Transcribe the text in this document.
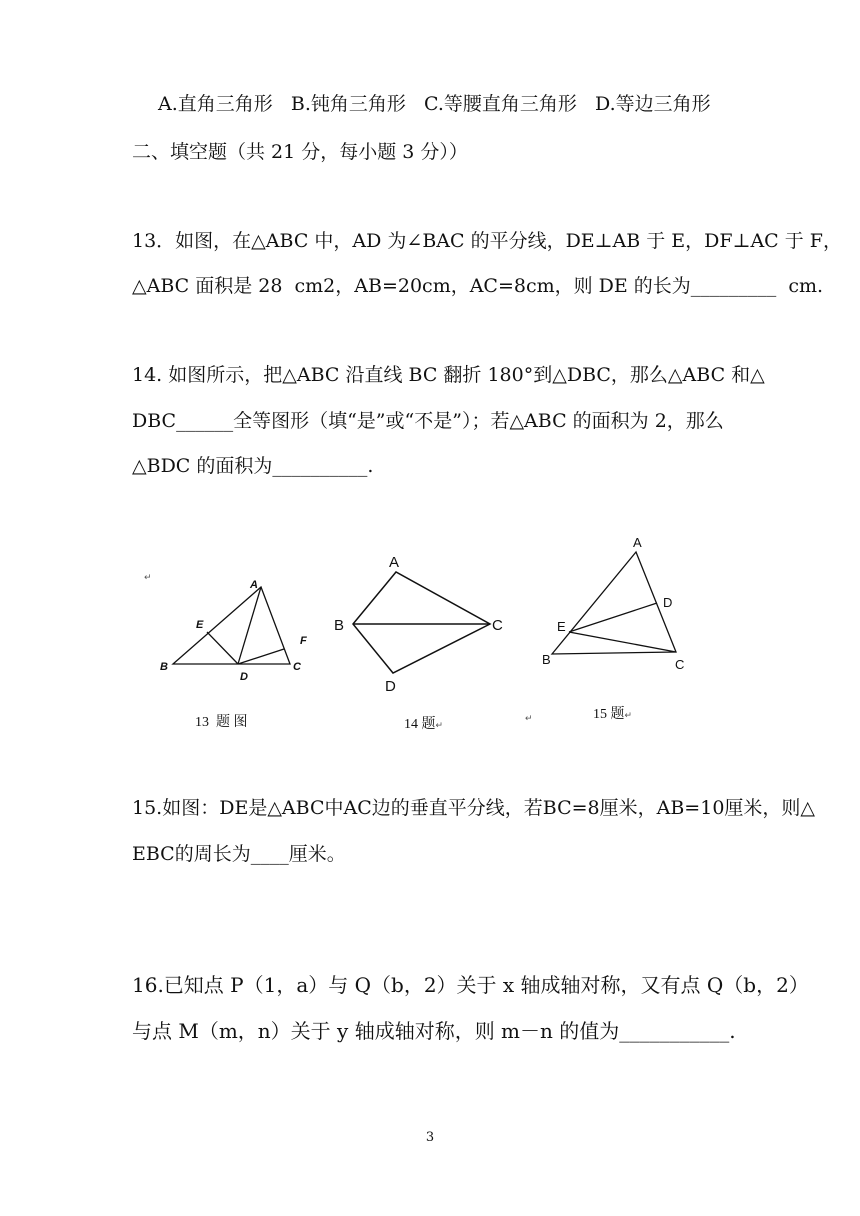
A.直角三角形   B.钝角三角形   C.等腰直角三角形   D.等边三角形
二、填空题（共 21 分，每小题 3 分））
13．如图，在△ABC 中，AD 为∠BAC 的平分线，DE⊥AB 于 E，DF⊥AC 于 F，
△ABC 面积是 28  cm2，AB=20cm，AC=8cm，则 DE 的长为_________  cm.
14. 如图所示，把△ABC 沿直线 BC 翻折 180°到△DBC，那么△ABC 和△
DBC______全等图形（填“是”或“不是”）；若△ABC 的面积为 2，那么
△BDC 的面积为__________.
↵
A
B	C
D
E
F
13  题 图
A
B	C
D
14 题↵
↵
A
B	C
D
E
15 题↵
15.如图：DE是△ABC中AC边的垂直平分线，若BC=8厘米，AB=10厘米，则△
EBC的周长为____厘米。
16.已知点 P（1，a）与 Q（b，2）关于 x 轴成轴对称，又有点 Q（b，2）
与点 M（m，n）关于 y 轴成轴对称，则 m－n 的值为___________.
3
